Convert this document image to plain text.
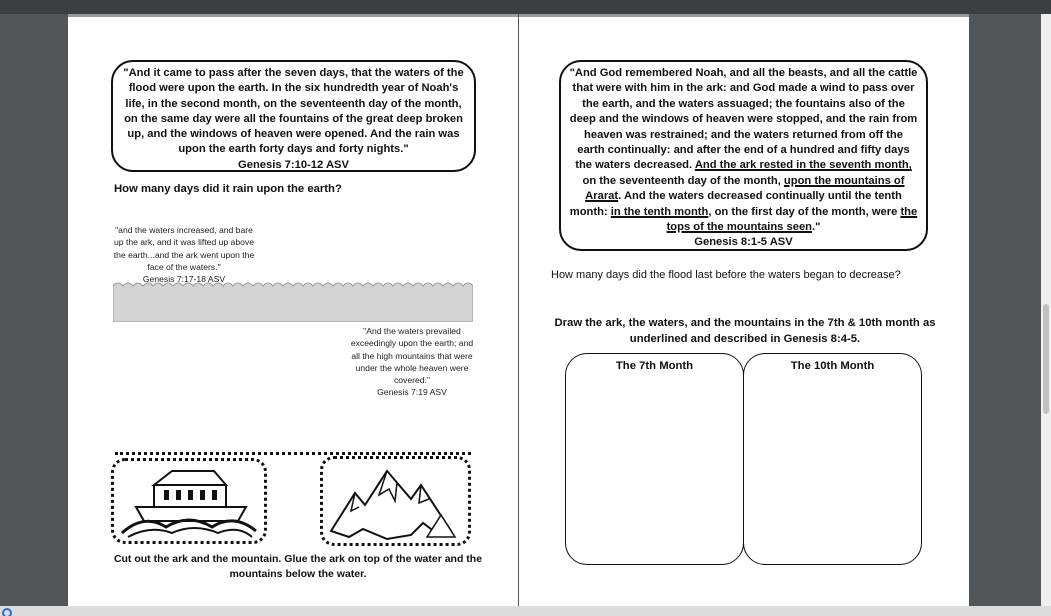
"And it came to pass after the seven days, that the waters of the flood were upon the earth. In the six hundredth year of Noah's life, in the second month, on the seventeenth day of the month, on the same day were all the fountains of the great deep broken up, and the windows of heaven were opened. And the rain was upon the earth forty days and forty nights."
Genesis 7:10-12 ASV
How many days did it rain upon the earth?
"and the waters increased, and bare up the ark, and it was lifted up above the earth...and the ark went upon the face of the waters."
Genesis 7:17-18 ASV
"And the waters prevailed exceedingly upon the earth; and all the high mountains that were under the whole heaven were covered."
Genesis 7:19 ASV
Cut out the ark and the mountain. Glue the ark on top of the water and the mountains below the water.
"And God remembered Noah, and all the beasts, and all the cattle that were with him in the ark: and God made a wind to pass over the earth, and the waters assuaged; the fountains also of the deep and the windows of heaven were stopped, and the rain from heaven was restrained; and the waters returned from off the earth continually: and after the end of a hundred and fifty days the waters decreased. And the ark rested in the seventh month, on the seventeenth day of the month, upon the mountains of Ararat. And the waters decreased continually until the tenth month: in the tenth month, on the first day of the month, were the tops of the mountains seen."
Genesis 8:1-5 ASV
How many days did the flood last before the waters began to decrease?
Draw the ark, the waters, and the mountains in the 7th & 10th month as underlined and described in Genesis 8:4-5.
The 7th Month	The 10th Month
